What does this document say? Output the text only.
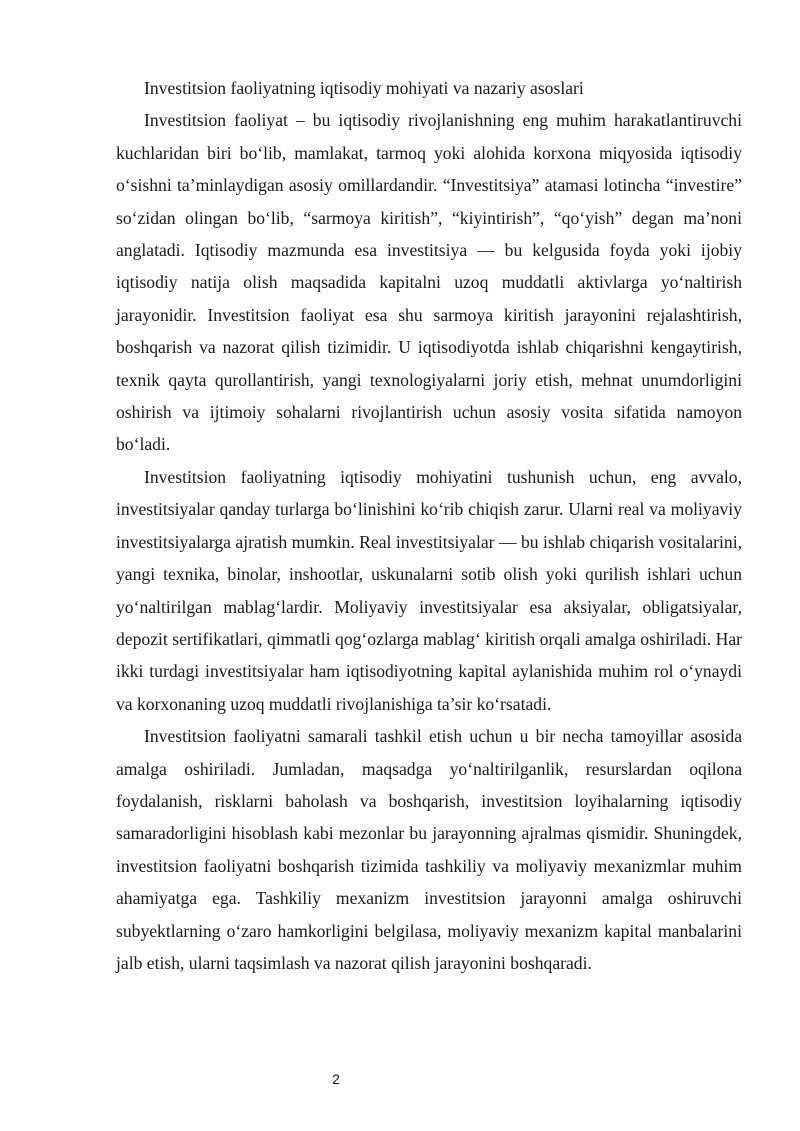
Investitsion faoliyatning iqtisodiy mohiyati va nazariy asoslari

Investitsion faoliyat – bu iqtisodiy rivojlanishning eng muhim harakatlantiruvchi kuchlaridan biri bo‘lib, mamlakat, tarmoq yoki alohida korxona miqyosida iqtisodiy o‘sishni ta’minlaydigan asosiy omillardandir. “Investitsiya” atamasi lotincha “investire” so‘zidan olingan bo‘lib, “sarmoya kiritish”, “kiyintirish”, “qo‘yish” degan ma’noni anglatadi. Iqtisodiy mazmunda esa investitsiya — bu kelgusida foyda yoki ijobiy iqtisodiy natija olish maqsadida kapitalni uzoq muddatli aktivlarga yo‘naltirish jarayonidir. Investitsion faoliyat esa shu sarmoya kiritish jarayonini rejalashtirish, boshqarish va nazorat qilish tizimidir. U iqtisodiyotda ishlab chiqarishni kengaytirish, texnik qayta qurollantirish, yangi texnologiyalarni joriy etish, mehnat unumdorligini oshirish va ijtimoiy sohalarni rivojlantirish uchun asosiy vosita sifatida namoyon bo‘ladi.

Investitsion faoliyatning iqtisodiy mohiyatini tushunish uchun, eng avvalo, investitsiyalar qanday turlarga bo‘linishini ko‘rib chiqish zarur. Ularni real va moliyaviy investitsiyalarga ajratish mumkin. Real investitsiyalar — bu ishlab chiqarish vositalarini, yangi texnika, binolar, inshootlar, uskunalarni sotib olish yoki qurilish ishlari uchun yo‘naltirilgan mablag‘lardir. Moliyaviy investitsiyalar esa aksiyalar, obligatsiyalar, depozit sertifikatlari, qimmatli qog‘ozlarga mablag‘ kiritish orqali amalga oshiriladi. Har ikki turdagi investitsiyalar ham iqtisodiyotning kapital aylanishida muhim rol o‘ynaydi va korxonaning uzoq muddatli rivojlanishiga ta’sir ko‘rsatadi.

Investitsion faoliyatni samarali tashkil etish uchun u bir necha tamoyillar asosida amalga oshiriladi. Jumladan, maqsadga yo‘naltirilganlik, resurslardan oqilona foydalanish, risklarni baholash va boshqarish, investitsion loyihalarning iqtisodiy samaradorligini hisoblash kabi mezonlar bu jarayonning ajralmas qismidir. Shuningdek, investitsion faoliyatni boshqarish tizimida tashkiliy va moliyaviy mexanizmlar muhim ahamiyatga ega. Tashkiliy mexanizm investitsion jarayonni amalga oshiruvchi subyektlarning o‘zaro hamkorligini belgilasa, moliyaviy mexanizm kapital manbalarini jalb etish, ularni taqsimlash va nazorat qilish jarayonini boshqaradi.

2
